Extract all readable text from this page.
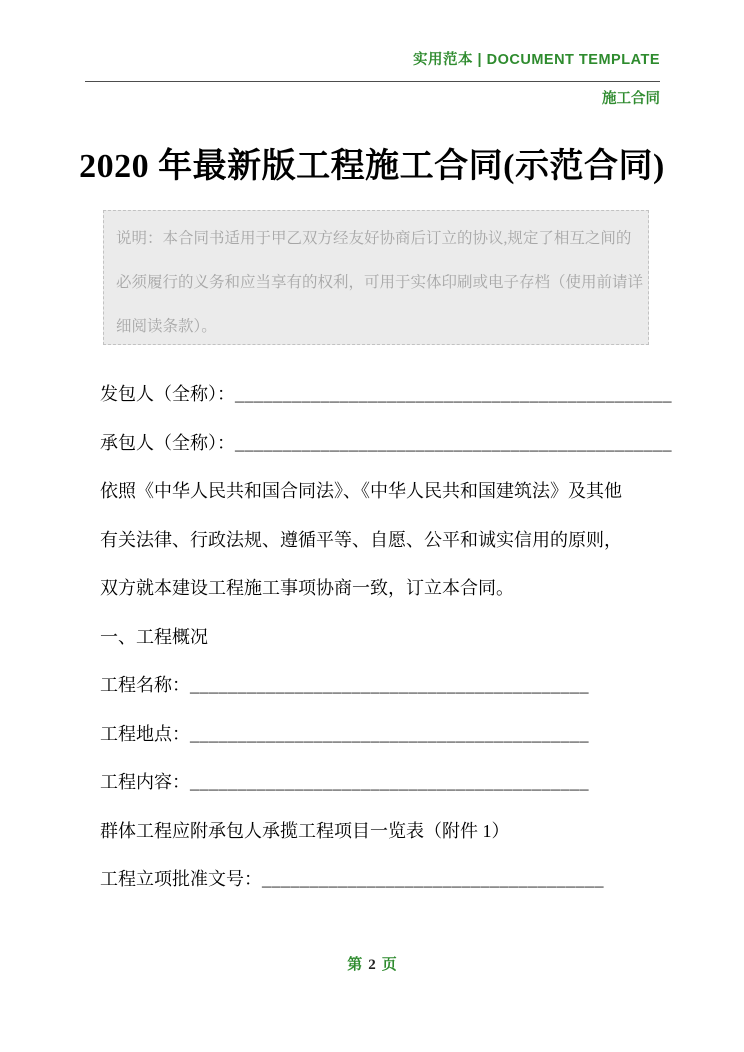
实用范本 | DOCUMENT TEMPLATE
施工合同
2020 年最新版工程施工合同(示范合同)
说明：本合同书适用于甲乙双方经友好协商后订立的协议,规定了相互之间的
必须履行的义务和应当享有的权利，可用于实体印刷或电子存档（使用前请详
细阅读条款）。
发包人（全称）：______________________________________________
承包人（全称）：______________________________________________
依照《中华人民共和国合同法》、《中华人民共和国建筑法》及其他
有关法律、行政法规、遵循平等、自愿、公平和诚实信用的原则，
双方就本建设工程施工事项协商一致，订立本合同。
一、工程概况
工程名称：__________________________________________
工程地点：__________________________________________
工程内容：__________________________________________
群体工程应附承包人承揽工程项目一览表（附件 1）
工程立项批准文号：____________________________________
第 2 页
